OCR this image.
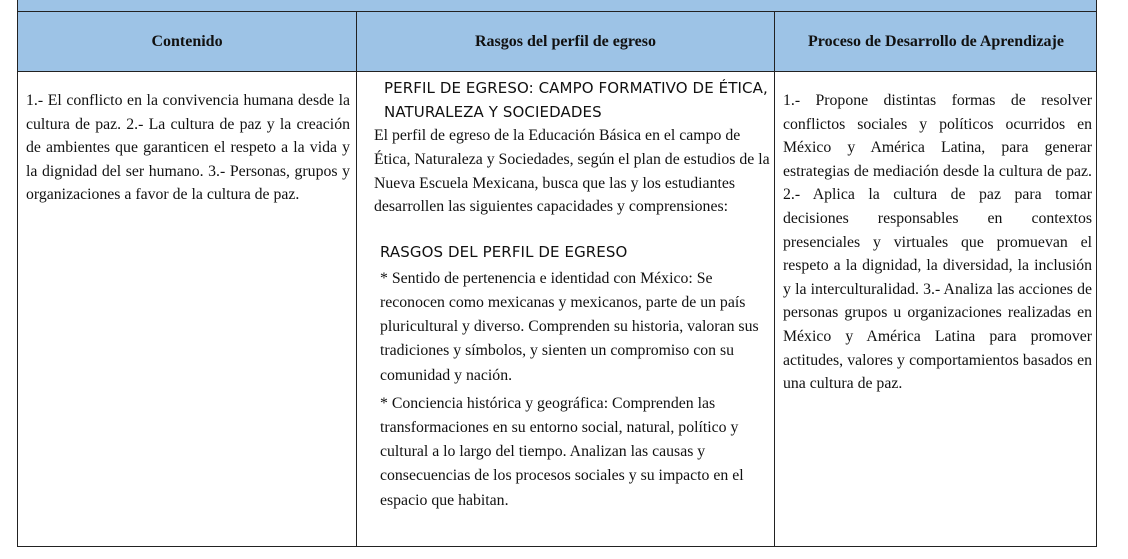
Contenido	Rasgos del perfil de egreso	Proceso de Desarrollo de Aprendizaje
1.- El conflicto en la convivencia humana desde la cultura de paz. 2.- La cultura de paz y la creación de ambientes que garanticen el respeto a la vida y la dignidad del ser humano. 3.- Personas, grupos y organizaciones a favor de la cultura de paz.

PERFIL DE EGRESO: CAMPO FORMATIVO DE ÉTICA, NATURALEZA Y SOCIEDADES

El perfil de egreso de la Educación Básica en el campo de Ética, Naturaleza y Sociedades, según el plan de estudios de la Nueva Escuela Mexicana, busca que las y los estudiantes desarrollen las siguientes capacidades y comprensiones:

RASGOS DEL PERFIL DE EGRESO

* Sentido de pertenencia e identidad con México: Se reconocen como mexicanas y mexicanos, parte de un país pluricultural y diverso. Comprenden su historia, valoran sus tradiciones y símbolos, y sienten un compromiso con su comunidad y nación.

* Conciencia histórica y geográfica: Comprenden las transformaciones en su entorno social, natural, político y cultural a lo largo del tiempo. Analizan las causas y consecuencias de los procesos sociales y su impacto en el espacio que habitan.

1.- Propone distintas formas de resolver conflictos sociales y políticos ocurridos en México y América Latina, para generar estrategias de mediación desde la cultura de paz. 2.- Aplica la cultura de paz para tomar decisiones responsables en contextos presenciales y virtuales que promuevan el respeto a la dignidad, la diversidad, la inclusión y la interculturalidad. 3.- Analiza las acciones de personas grupos u organizaciones realizadas en México y América Latina para promover actitudes, valores y comportamientos basados en una cultura de paz.
